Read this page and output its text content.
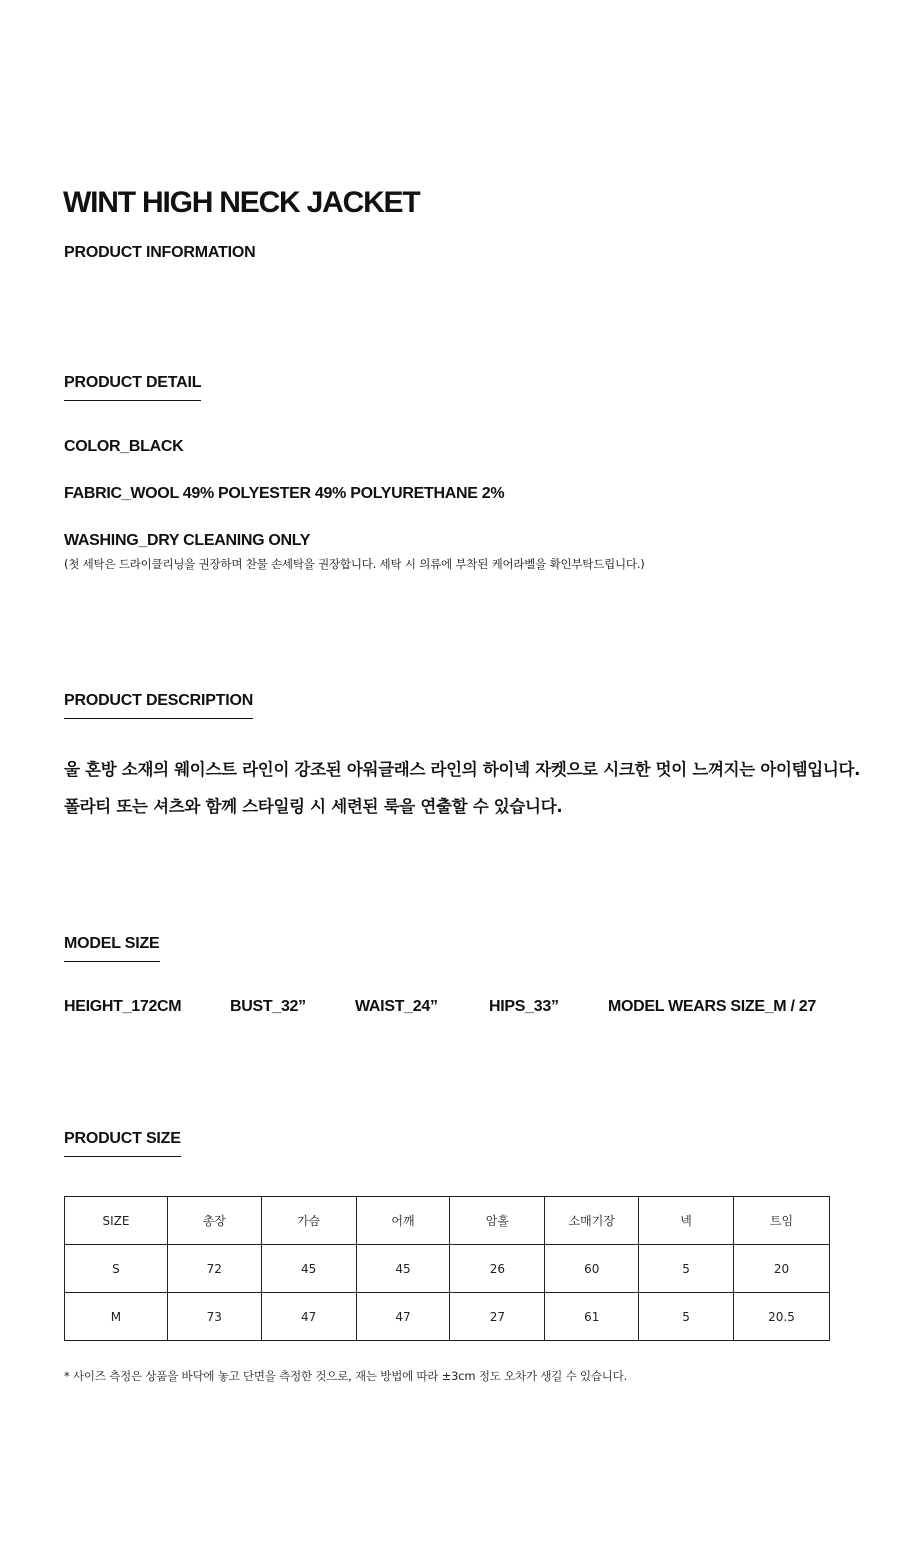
WINT HIGH NECK JACKET
PRODUCT INFORMATION
PRODUCT DETAIL
COLOR_BLACK
FABRIC_WOOL 49% POLYESTER 49% POLYURETHANE 2%
WASHING_DRY CLEANING ONLY
(첫 세탁은 드라이클리닝을 권장하며 찬물 손세탁을 권장합니다. 세탁 시 의류에 부착된 케어라벨을 확인부탁드립니다.)
PRODUCT DESCRIPTION
울 혼방 소재의 웨이스트 라인이 강조된 아워글래스 라인의 하이넥 자켓으로 시크한 멋이 느껴지는 아이템입니다.
폴라티 또는 셔츠와 함께 스타일링 시 세련된 룩을 연출할 수 있습니다.
MODEL SIZE
HEIGHT_172CM	BUST_32”	WAIST_24”	HIPS_33”	MODEL WEARS SIZE_M / 27
PRODUCT SIZE
SIZE	총장	가슴	어깨	암홀	소매기장	넥	트임
S	72	45	45	26	60	5	20
M	73	47	47	27	61	5	20.5
* 사이즈 측정은 상품을 바닥에 놓고 단면을 측정한 것으로, 재는 방법에 따라 ±3cm 정도 오차가 생길 수 있습니다.
